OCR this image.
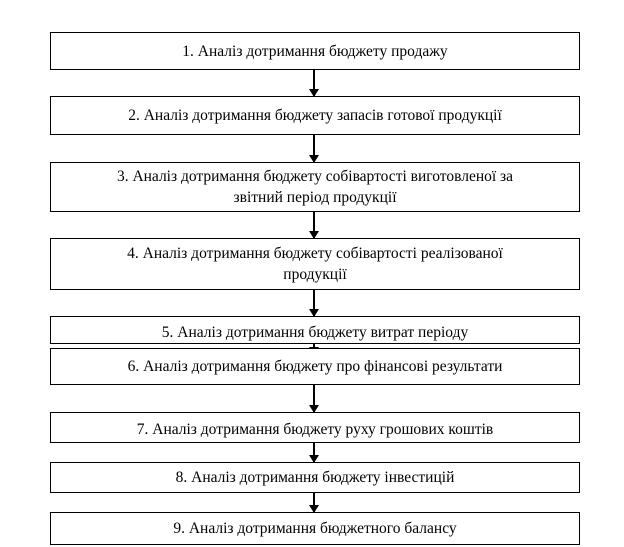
1. Аналіз дотримання бюджету продажу
2. Аналіз дотримання бюджету запасів готової продукції
3. Аналіз дотримання бюджету собівартості виготовленої за
звітний період продукції
4. Аналіз дотримання бюджету собівартості реалізованої
продукції
5. Аналіз дотримання бюджету витрат періоду
6. Аналіз дотримання бюджету про фінансові результати
7. Аналіз дотримання бюджету руху грошових коштів
8. Аналіз дотримання бюджету інвестицій
9. Аналіз дотримання бюджетного балансу
